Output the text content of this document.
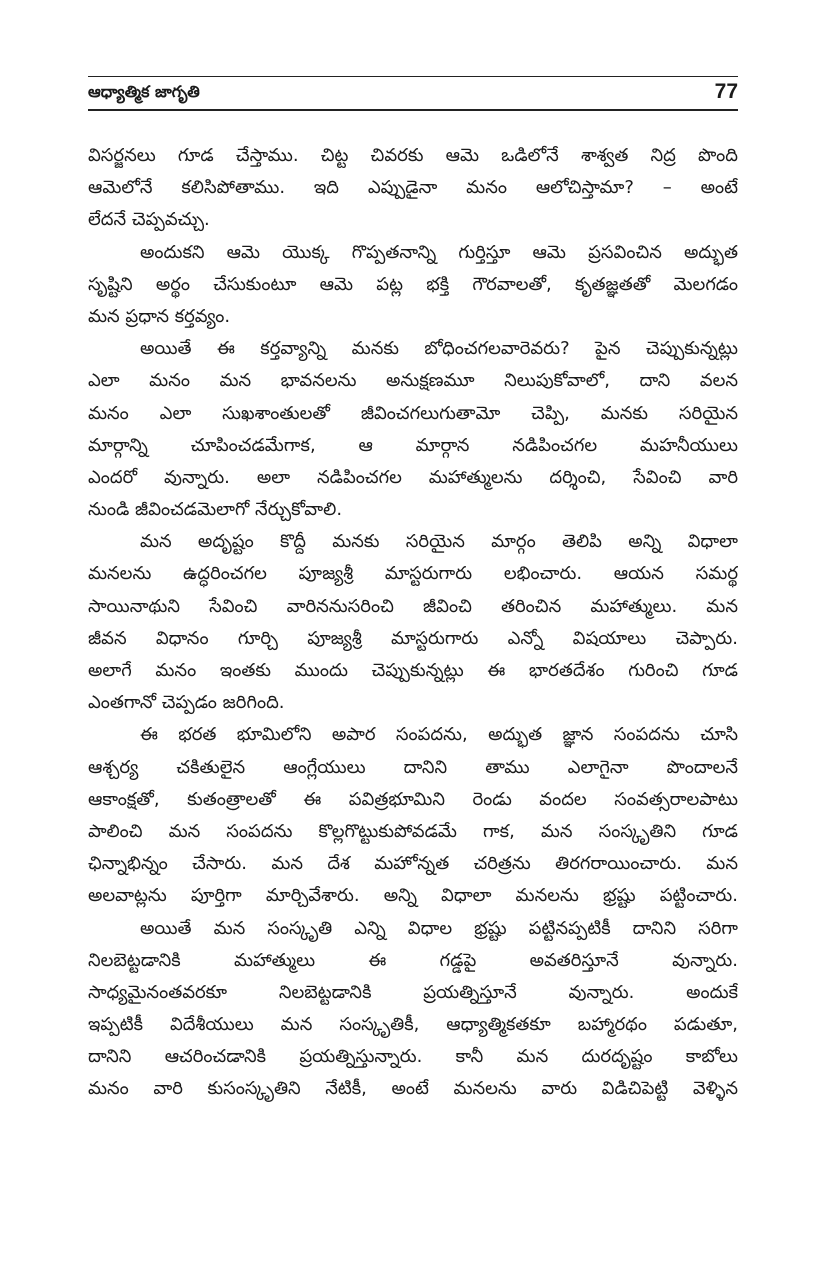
ఆధ్యాత్మిక జాగృతి	77
విసర్జనలు గూడ చేస్తాము. చిట్ట చివరకు ఆమె ఒడిలోనే శాశ్వత నిద్ర పొంది
ఆమెలోనే కలిసిపోతాము. ఇది ఎప్పుడైనా మనం ఆలోచిస్తామా? – అంటే
లేదనే చెప్పవచ్చు.
అందుకని ఆమె యొక్క గొప్పతనాన్ని గుర్తిస్తూ ఆమె ప్రసవించిన అద్భుత
సృష్టిని అర్థం చేసుకుంటూ ఆమె పట్ల భక్తి గౌరవాలతో, కృతజ్ఞతతో మెలగడం
మన ప్రధాన కర్తవ్యం.
అయితే ఈ కర్తవ్యాన్ని మనకు బోధించగలవారెవరు? పైన చెప్పుకున్నట్లు
ఎలా మనం మన భావనలను అనుక్షణమూ నిలుపుకోవాలో, దాని వలన
మనం ఎలా సుఖశాంతులతో జీవించగలుగుతామో చెప్పి, మనకు సరియైన
మార్గాన్ని చూపించడమేగాక, ఆ మార్గాన నడిపించగల మహనీయులు
ఎందరో వున్నారు. అలా నడిపించగల మహాత్ములను దర్శించి, సేవించి వారి
నుండి జీవించడమెలాగో నేర్చుకోవాలి.
మన అదృష్టం కొద్దీ మనకు సరియైన మార్గం తెలిపి అన్ని విధాలా
మనలను ఉద్ధరించగల పూజ్యశ్రీ మాస్టరుగారు లభించారు. ఆయన సమర్థ
సాయినాథుని సేవించి వారిననుసరించి జీవించి తరించిన మహాత్ములు. మన
జీవన విధానం గూర్చి పూజ్యశ్రీ మాస్టరుగారు ఎన్నో విషయాలు చెప్పారు.
అలాగే మనం ఇంతకు ముందు చెప్పుకున్నట్లు ఈ భారతదేశం గురించి గూడ
ఎంతగానో చెప్పడం జరిగింది.
ఈ భరత భూమిలోని అపార సంపదను, అద్భుత జ్ఞాన సంపదను చూసి
ఆశ్చర్య చకితులైన ఆంగ్లేయులు దానిని తాము ఎలాగైనా పొందాలనే
ఆకాంక్షతో, కుతంత్రాలతో ఈ పవిత్రభూమిని రెండు వందల సంవత్సరాలపాటు
పాలించి మన సంపదను కొల్లగొట్టుకుపోవడమే గాక, మన సంస్కృతిని గూడ
ఛిన్నాభిన్నం చేసారు. మన దేశ మహోన్నత చరిత్రను తిరగరాయించారు. మన
అలవాట్లను పూర్తిగా మార్చివేశారు. అన్ని విధాలా మనలను భ్రష్టు పట్టించారు.
అయితే మన సంస్కృతి ఎన్ని విధాల భ్రష్టు పట్టినప్పటికీ దానిని సరిగా
నిలబెట్టడానికి మహాత్ములు ఈ గడ్డపై అవతరిస్తూనే వున్నారు.
సాధ్యమైనంతవరకూ నిలబెట్టడానికి ప్రయత్నిస్తూనే వున్నారు. అందుకే
ఇప్పటికీ విదేశీయులు మన సంస్కృతికీ, ఆధ్యాత్మికతకూ బహ్మారథం పడుతూ,
దానిని ఆచరించడానికి ప్రయత్నిస్తున్నారు. కానీ మన దురదృష్టం కాబోలు
మనం వారి కుసంస్కృతిని నేటికీ, అంటే మనలను వారు విడిచిపెట్టి వెళ్ళిన
